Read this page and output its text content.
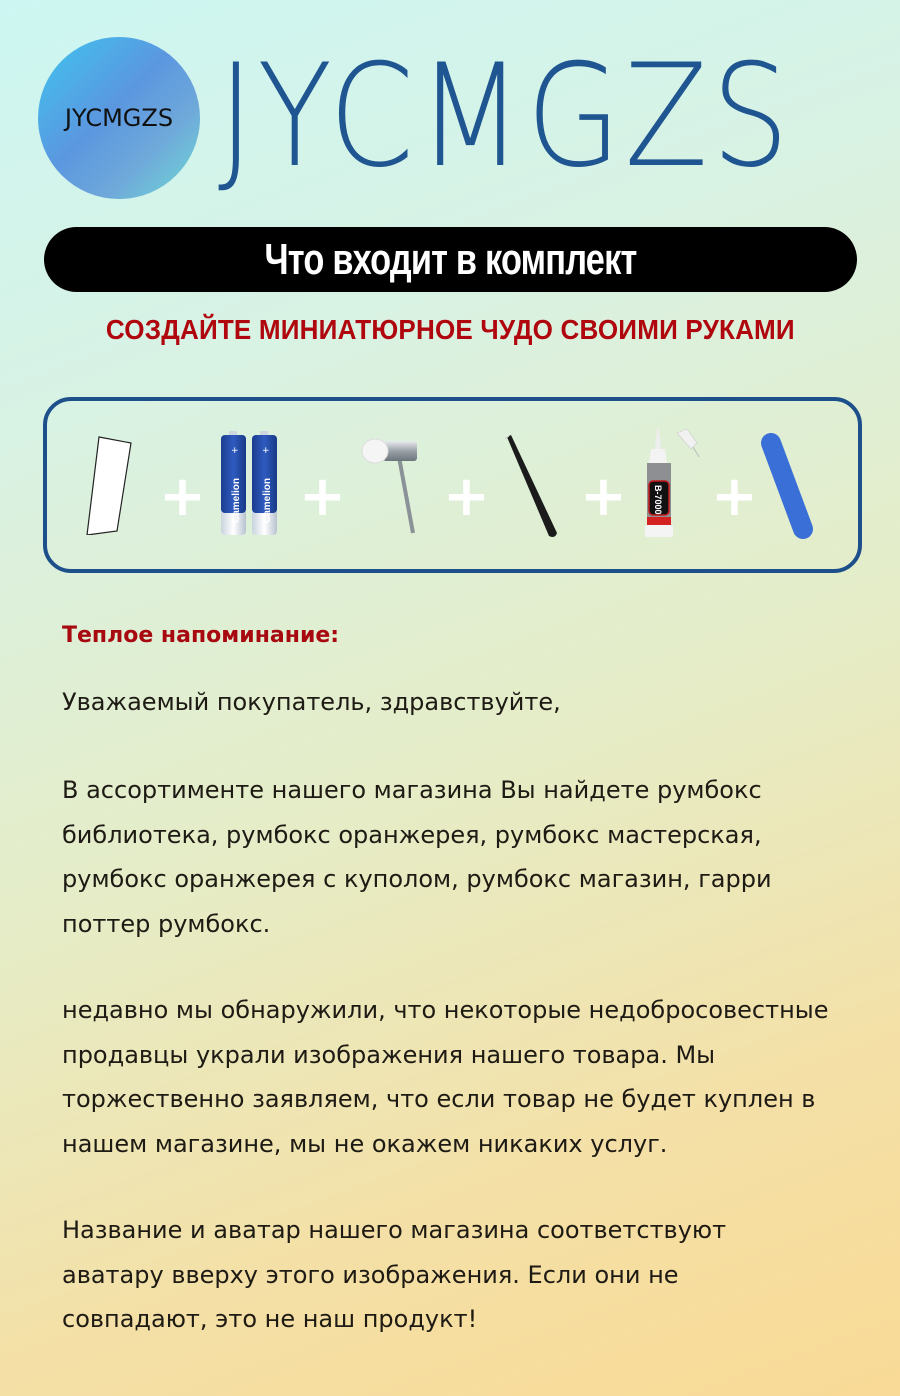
JYCMGZS JYCMGZS
Что входит в комплект
СОЗДАЙТЕ МИНИАТЮРНОЕ ЧУДО СВОИМИ РУКАМИ
+
+
Camelion
+
Camelion + + +	B-7000 +
Теплое напоминание:
Уважаемый покупатель, здравствуйте,
В ассортименте нашего магазина Вы найдете румбокс
библиотека, румбокс оранжерея, румбокс мастерская,
румбокс оранжерея с куполом, румбокс магазин, гарри
поттер румбокс.
недавно мы обнаружили, что некоторые недобросовестные
продавцы украли изображения нашего товара. Мы
торжественно заявляем, что если товар не будет куплен в
нашем магазине, мы не окажем никаких услуг.
Название и аватар нашего магазина соответствуют
аватару вверху этого изображения. Если они не
совпадают, это не наш продукт!
